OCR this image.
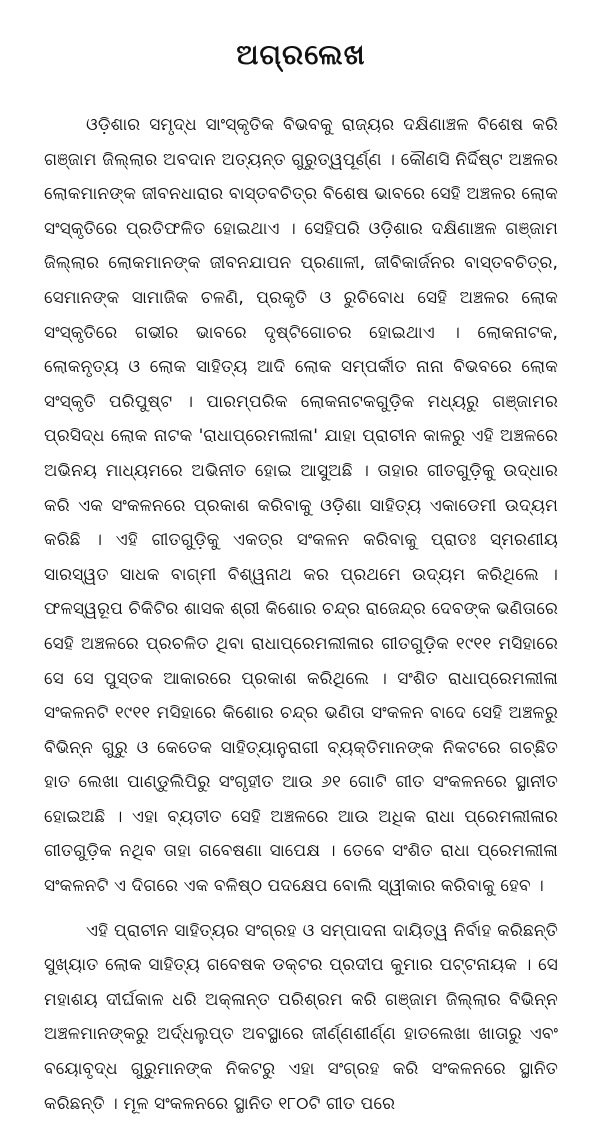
ଅଗ୍ରଲେଖ

ଓଡ଼ିଶାର ସମୃଦ୍ଧ ସାଂସ୍କୃତିକ ବିଭବକୁ ରାଜ୍ୟର ଦକ୍ଷିଣାଞ୍ଚଳ ବିଶେଷ କରି ଗଞ୍ଜାମ ଜିଲ୍ଲାର ଅବଦାନ ଅତ୍ୟନ୍ତ ଗୁରୁତ୍ୱପୂର୍ଣ୍ଣ । କୌଣସି ନିର୍ଦ୍ଦିଷ୍ଟ ଅଞ୍ଚଳର ଲୋକମାନଙ୍କ ଜୀବନଧାରାର ବାସ୍ତବଚିତ୍ର ବିଶେଷ ଭାବରେ ସେହି ଅଞ୍ଚଳର ଲୋକ ସଂସ୍କୃତିରେ ପ୍ରତିଫଳିତ ହୋଇଥାଏ । ସେହିପରି ଓଡ଼ିଶାର ଦକ୍ଷିଣାଞ୍ଚଳ ଗଞ୍ଜାମ ଜିଲ୍ଲାର ଲୋକମାନଙ୍କ ଜୀବନଯାପନ ପ୍ରଣାଳୀ, ଜୀବିକାର୍ଜନର ବାସ୍ତବଚିତ୍ର, ସେମାନଙ୍କ ସାମାଜିକ ଚଳଣି, ପ୍ରକୃତି ଓ ରୁଚିବୋଧ ସେହି ଅଞ୍ଚଳର ଲୋକ ସଂସ୍କୃତିରେ ଗଭୀର ଭାବରେ ଦୃଷ୍ଟିଗୋଚର ହୋଇଥାଏ । ଲୋକନାଟକ, ଲୋକନୃତ୍ୟ ଓ ଲୋକ ସାହିତ୍ୟ ଆଦି ଲୋକ ସମ୍ପର୍କୀତ ନାନା ବିଭବରେ ଲୋକ ସଂସ୍କୃତି ପରିପୁଷ୍ଟ । ପାରମ୍ପରିକ ଲୋକନାଟକଗୁଡ଼ିକ ମଧ୍ୟରୁ ଗଞ୍ଜାମର ପ୍ରସିଦ୍ଧ ଲୋକ ନାଟକ 'ରାଧାପ୍ରେମଲୀଳା' ଯାହା ପ୍ରାଚୀନ କାଳରୁ ଏହି ଅଞ୍ଚଳରେ ଅଭିନୟ ମାଧ୍ୟମରେ ଅଭିନୀତ ହୋଇ ଆସୁଅଛି । ତାହାର ଗୀତଗୁଡ଼ିକୁ ଉଦ୍ଧାର କରି ଏକ ସଂକଳନରେ ପ୍ରକାଶ କରିବାକୁ ଓଡ଼ିଶା ସାହିତ୍ୟ ଏକାଡେମୀ ଉଦ୍ୟମ କରିଛି । ଏହି ଗୀତଗୁଡ଼ିକୁ ଏକତ୍ର ସଂକଳନ କରିବାକୁ ପ୍ରାତଃ ସ୍ମରଣୀୟ ସାରସ୍ୱତ ସାଧକ ବାଗ୍ମୀ ବିଶ୍ୱନାଥ କର ପ୍ରଥମେ ଉଦ୍ୟମ କରିଥିଲେ । ଫଳସ୍ୱରୂପ ଚିକିଟିର ଶାସକ ଶ୍ରୀ କିଶୋର ଚନ୍ଦ୍ର ରାଜେନ୍ଦ୍ର ଦେବଙ୍କ ଭଣିତାରେ ସେହି ଅଞ୍ଚଳରେ ପ୍ରଚଳିତ ଥିବା ରାଧାପ୍ରେମଲୀଳାର ଗୀତଗୁଡ଼ିକ ୧୯୧୧ ମସିହାରେ ସେ ସେ ପୁସ୍ତକ ଆକାରରେ ପ୍ରକାଶ କରିଥିଲେ । ସଂଶିତ ରାଧାପ୍ରେମଲୀଳା ସଂକଳନଟି ୧୯୧୧ ମସିହାରେ କିଶୋର ଚନ୍ଦ୍ର ଭଣିତା ସଂକଳନ ବାଦେ ସେହି ଅଞ୍ଚଳରୁ ବିଭିନ୍ନ ଗୁରୁ ଓ କେତେକ ସାହିତ୍ୟାନୁରାଗୀ ବ୍ୟକ୍ତିମାନଙ୍କ ନିକଟରେ ଗଚ୍ଛିତ ହାତ ଲେଖା ପାଣ୍ଡୁଲିପିରୁ ସଂଗୃହୀତ ଆଉ ୬୧ ଗୋଟି ଗୀତ ସଂକଳନରେ ସ୍ଥାନୀତ ହୋଇଅଛି । ଏହା ବ୍ୟତୀତ ସେହି ଅଞ୍ଚଳରେ ଆଉ ଅଧିକ ରାଧା ପ୍ରେମଲୀଳାର ଗୀତଗୁଡ଼ିକ ନଥିବ ତାହା ଗବେଷଣା ସାପେକ୍ଷ । ତେବେ ସଂଶିତ ରାଧା ପ୍ରେମଲୀଳା ସଂକଳନଟି ଏ ଦିଗରେ ଏକ ବଳିଷ୍ଠ ପଦକ୍ଷେପ ବୋଲି ସ୍ୱୀକାର କରିବାକୁ ହେବ ।

ଏହି ପ୍ରାଚୀନ ସାହିତ୍ୟର ସଂଗ୍ରହ ଓ ସମ୍ପାଦନା ଦାୟିତ୍ୱ ନିର୍ବାହ କରିଛନ୍ତି ସୁଖ୍ୟାତ ଲୋକ ସାହିତ୍ୟ ଗବେଷକ ଡକ୍ଟର ପ୍ରଦୀପ କୁମାର ପଟ୍ଟନାୟକ । ସେ ମହାଶୟ ଦୀର୍ଘକାଳ ଧରି ଅକ୍ଳାନ୍ତ ପରିଶ୍ରମ କରି ଗଞ୍ଜାମ ଜିଲ୍ଲାର ବିଭିନ୍ନ ଅଞ୍ଚଳମାନଙ୍କରୁ ଅର୍ଦ୍ଧଲୁପ୍ତ ଅବସ୍ଥାରେ ଜୀର୍ଣ୍ଣଶୀର୍ଣ୍ଣ ହାତଲେଖା ଖାତାରୁ ଏବଂ ବୟୋବୃଦ୍ଧ ଗୁରୁମାନଙ୍କ ନିକଟରୁ ଏହା ସଂଗ୍ରହ କରି ସଂକଳନରେ ସ୍ଥାନିତ କରିଛନ୍ତି । ମୂଳ ସଂକଳନରେ ସ୍ଥାନିତ ୧୮୦ଟି ଗୀତ ପରେ
